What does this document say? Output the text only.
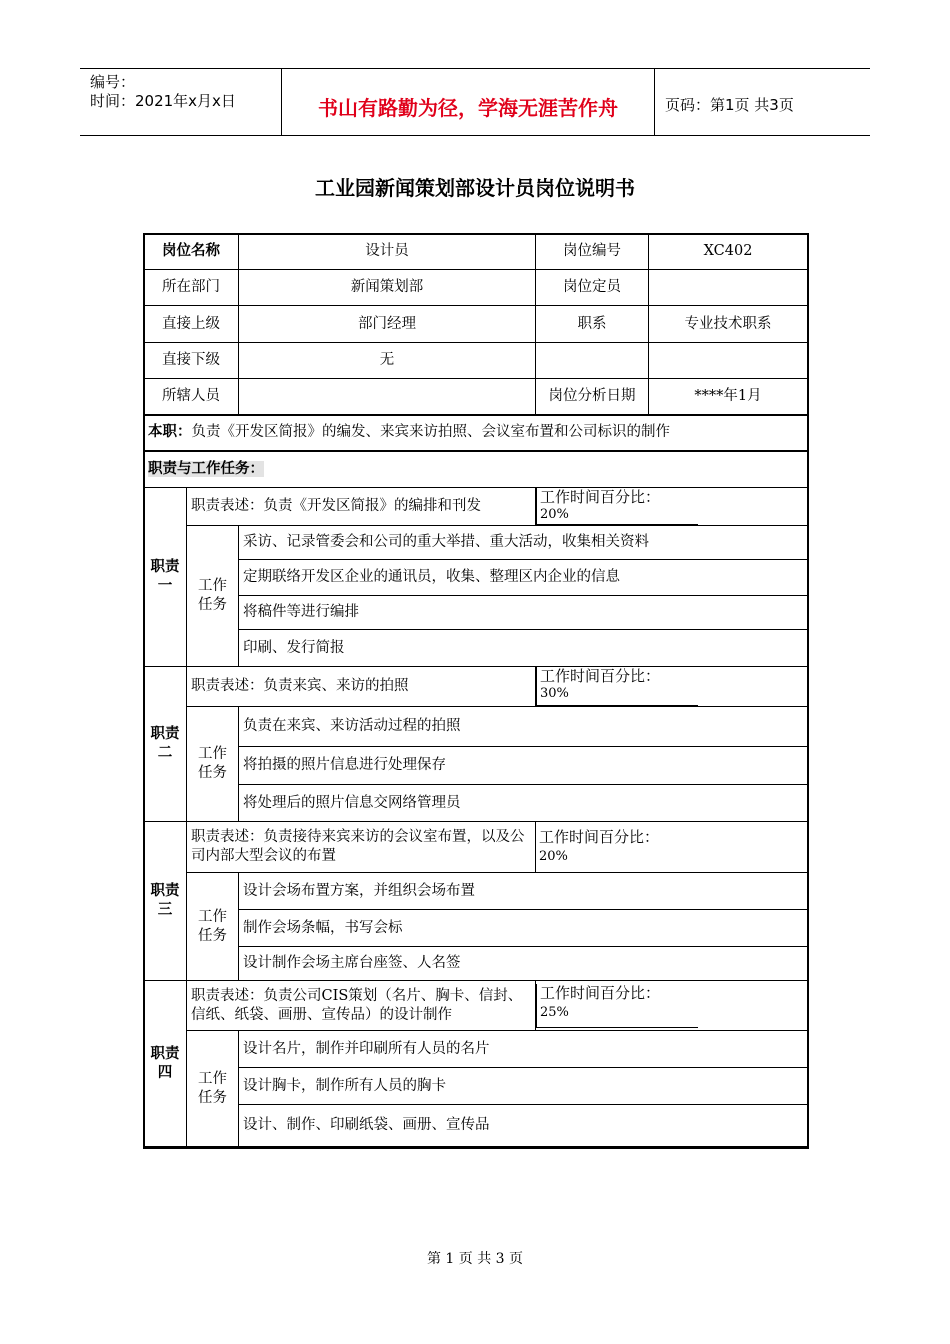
编号：
时间：2021年x月x日	书山有路勤为径，学海无涯苦作舟	页码：第1页 共3页
工业园新闻策划部设计员岗位说明书
岗位名称		设计员	岗位编号	XC402
所在部门		新闻策划部	岗位定员	
直接上级		部门经理	职系	专业技术职系
直接下级		无		
所辖人员			岗位分析日期	****年1月
本职：负责《开发区简报》的编发、来宾来访拍照、会议室布置和公司标识的制作				
职责与工作任务：				
职责一	职责表述：负责《开发区简报》的编排和刊发		工作时间百分比：
20%	

	工作任务	采访、记录管委会和公司的重大举措、重大活动，收集相关资料		
		定期联络开发区企业的通讯员，收集、整理区内企业的信息		
		将稿件等进行编排		
		印刷、发行简报		
职责二	职责表述：负责来宾、来访的拍照		工作时间百分比：
30%	

	工作任务	负责在来宾、来访活动过程的拍照		
		将拍摄的照片信息进行处理保存		
		将处理后的照片信息交网络管理员		
职责三	职责表述：负责接待来宾来访的会议室布置，以及公司内部大型会议的布置		工作时间百分比：
20%	

	工作任务	设计会场布置方案，并组织会场布置		
		制作会场条幅，书写会标		
		设计制作会场主席台座签、人名签		
职责四	职责表述：负责公司CIS策划（名片、胸卡、信封、信纸、纸袋、画册、宣传品）的设计制作		工作时间百分比：
25%	

	工作任务	设计名片，制作并印刷所有人员的名片		
		设计胸卡，制作所有人员的胸卡		
		设计、制作、印刷纸袋、画册、宣传品		
第 1 页 共 3 页
